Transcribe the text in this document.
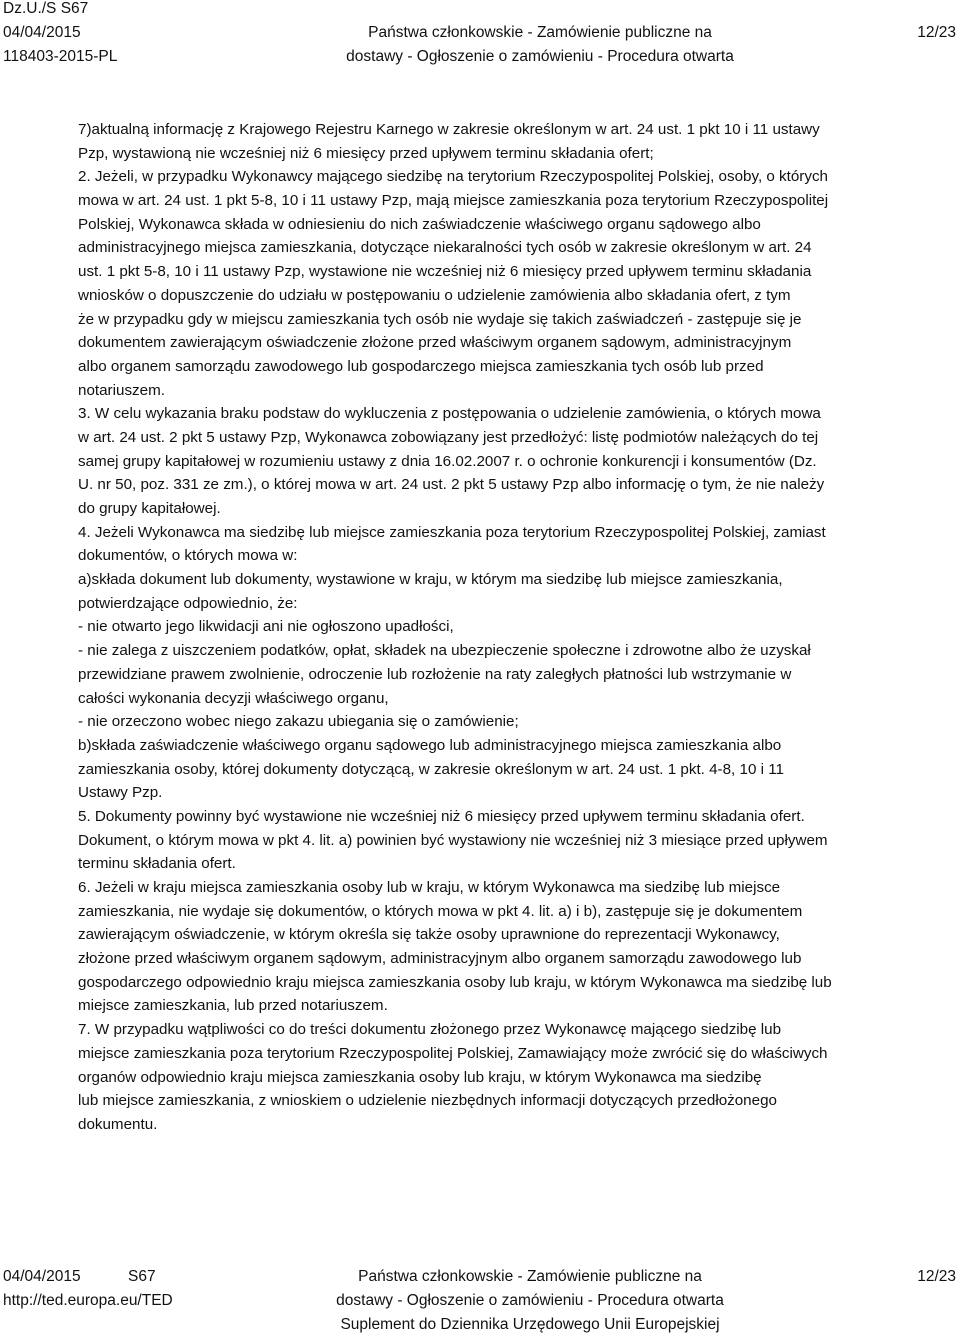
Dz.U./S S67
04/04/2015
118403-2015-PL
Państwa członkowskie - Zamówienie publiczne na
dostawy - Ogłoszenie o zamówieniu - Procedura otwarta
12/23
7)aktualną informację z Krajowego Rejestru Karnego w zakresie określonym w art. 24 ust. 1 pkt 10 i 11 ustawy
Pzp, wystawioną nie wcześniej niż 6 miesięcy przed upływem terminu składania ofert;
2. Jeżeli, w przypadku Wykonawcy mającego siedzibę na terytorium Rzeczypospolitej Polskiej, osoby, o których
mowa w art. 24 ust. 1 pkt 5-8, 10 i 11 ustawy Pzp, mają miejsce zamieszkania poza terytorium Rzeczypospolitej
Polskiej, Wykonawca składa w odniesieniu do nich zaświadczenie właściwego organu sądowego albo
administracyjnego miejsca zamieszkania, dotyczące niekaralności tych osób w zakresie określonym w art. 24
ust. 1 pkt 5-8, 10 i 11 ustawy Pzp, wystawione nie wcześniej niż 6 miesięcy przed upływem terminu składania
wniosków o dopuszczenie do udziału w postępowaniu o udzielenie zamówienia albo składania ofert, z tym
że w przypadku gdy w miejscu zamieszkania tych osób nie wydaje się takich zaświadczeń - zastępuje się je
dokumentem zawierającym oświadczenie złożone przed właściwym organem sądowym, administracyjnym
albo organem samorządu zawodowego lub gospodarczego miejsca zamieszkania tych osób lub przed
notariuszem.
3. W celu wykazania braku podstaw do wykluczenia z postępowania o udzielenie zamówienia, o których mowa
w art. 24 ust. 2 pkt 5 ustawy Pzp, Wykonawca zobowiązany jest przedłożyć: listę podmiotów należących do tej
samej grupy kapitałowej w rozumieniu ustawy z dnia 16.02.2007 r. o ochronie konkurencji i konsumentów (Dz.
U. nr 50, poz. 331 ze zm.), o której mowa w art. 24 ust. 2 pkt 5 ustawy Pzp albo informację o tym, że nie należy
do grupy kapitałowej.
4. Jeżeli Wykonawca ma siedzibę lub miejsce zamieszkania poza terytorium Rzeczypospolitej Polskiej, zamiast
dokumentów, o których mowa w:
a)składa dokument lub dokumenty, wystawione w kraju, w którym ma siedzibę lub miejsce zamieszkania,
potwierdzające odpowiednio, że:
- nie otwarto jego likwidacji ani nie ogłoszono upadłości,
- nie zalega z uiszczeniem podatków, opłat, składek na ubezpieczenie społeczne i zdrowotne albo że uzyskał
przewidziane prawem zwolnienie, odroczenie lub rozłożenie na raty zaległych płatności lub wstrzymanie w
całości wykonania decyzji właściwego organu,
- nie orzeczono wobec niego zakazu ubiegania się o zamówienie;
b)składa zaświadczenie właściwego organu sądowego lub administracyjnego miejsca zamieszkania albo
zamieszkania osoby, której dokumenty dotyczącą, w zakresie określonym w art. 24 ust. 1 pkt. 4-8, 10 i 11
Ustawy Pzp.
5. Dokumenty powinny być wystawione nie wcześniej niż 6 miesięcy przed upływem terminu składania ofert.
Dokument, o którym mowa w pkt 4. lit. a) powinien być wystawiony nie wcześniej niż 3 miesiące przed upływem
terminu składania ofert.
6. Jeżeli w kraju miejsca zamieszkania osoby lub w kraju, w którym Wykonawca ma siedzibę lub miejsce
zamieszkania, nie wydaje się dokumentów, o których mowa w pkt 4. lit. a) i b), zastępuje się je dokumentem
zawierającym oświadczenie, w którym określa się także osoby uprawnione do reprezentacji Wykonawcy,
złożone przed właściwym organem sądowym, administracyjnym albo organem samorządu zawodowego lub
gospodarczego odpowiednio kraju miejsca zamieszkania osoby lub kraju, w którym Wykonawca ma siedzibę lub
miejsce zamieszkania, lub przed notariuszem.
7. W przypadku wątpliwości co do treści dokumentu złożonego przez Wykonawcę mającego siedzibę lub
miejsce zamieszkania poza terytorium Rzeczypospolitej Polskiej, Zamawiający może zwrócić się do właściwych
organów odpowiednio kraju miejsca zamieszkania osoby lub kraju, w którym Wykonawca ma siedzibę
lub miejsce zamieszkania, z wnioskiem o udzielenie niezbędnych informacji dotyczących przedłożonego
dokumentu.
04/04/2015	S67
http://ted.europa.eu/TED
Państwa członkowskie - Zamówienie publiczne na
dostawy - Ogłoszenie o zamówieniu - Procedura otwarta
Suplement do Dziennika Urzędowego Unii Europejskiej
12/23
